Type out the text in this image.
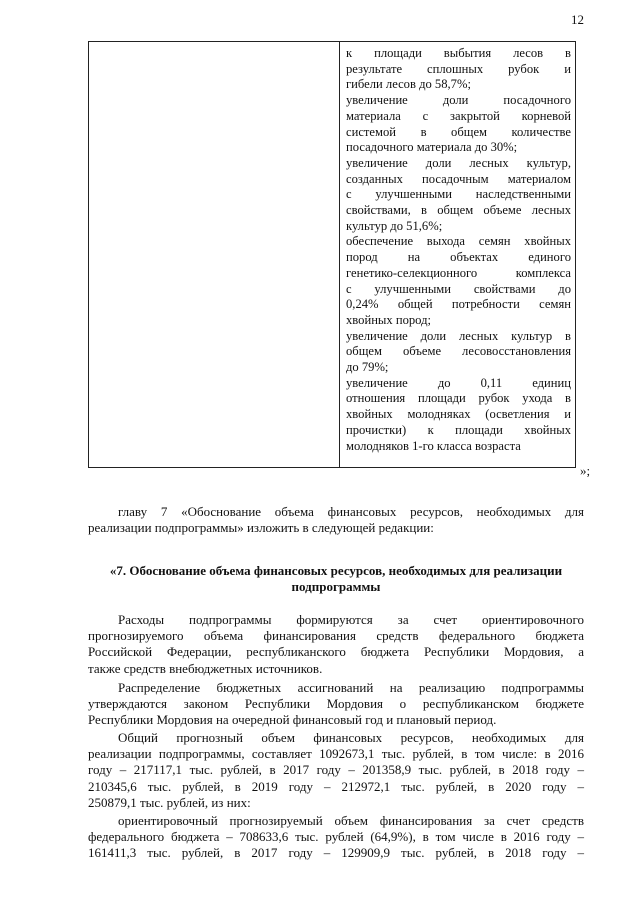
12
к площади выбытия лесов в
результате сплошных рубок и
гибели лесов до 58,7%;
увеличение доли посадочного
материала с закрытой корневой
системой в общем количестве
посадочного материала до 30%;
увеличение доли лесных культур,
созданных посадочным материалом
с улучшенными наследственными
свойствами, в общем объеме лесных
культур до 51,6%;
обеспечение выхода семян хвойных
пород на объектах единого
генетико-селекционного комплекса
с улучшенными свойствами до
0,24% общей потребности семян
хвойных пород;
увеличение доли лесных культур в
общем объеме лесовосстановления
до 79%;
увеличение до 0,11 единиц
отношения площади рубок ухода в
хвойных молодняках (осветления и
прочистки) к площади хвойных
молодняков 1-го класса возраста
»;
главу 7 «Обоснование объема финансовых ресурсов, необходимых для
реализации подпрограммы» изложить в следующей редакции:
«7. Обоснование объема финансовых ресурсов, необходимых для реализации
подпрограммы
Расходы подпрограммы формируются за счет ориентировочного
прогнозируемого объема финансирования средств федерального бюджета
Российской Федерации, республиканского бюджета Республики Мордовия, а
также средств внебюджетных источников.
Распределение бюджетных ассигнований на реализацию подпрограммы
утверждаются законом Республики Мордовия о республиканском бюджете
Республики Мордовия на очередной финансовый год и плановый период.
Общий прогнозный объем финансовых ресурсов, необходимых для
реализации подпрограммы, составляет 1092673,1 тыс. рублей, в том числе: в 2016
году – 217117,1 тыс. рублей, в 2017 году – 201358,9 тыс. рублей, в 2018 году –
210345,6 тыс. рублей, в 2019 году – 212972,1 тыс. рублей, в 2020 году –
250879,1 тыс. рублей, из них:
ориентировочный прогнозируемый объем финансирования за счет средств
федерального бюджета – 708633,6 тыс. рублей (64,9%), в том числе в 2016 году –
161411,3 тыс. рублей, в 2017 году – 129909,9 тыс. рублей, в 2018 году –
